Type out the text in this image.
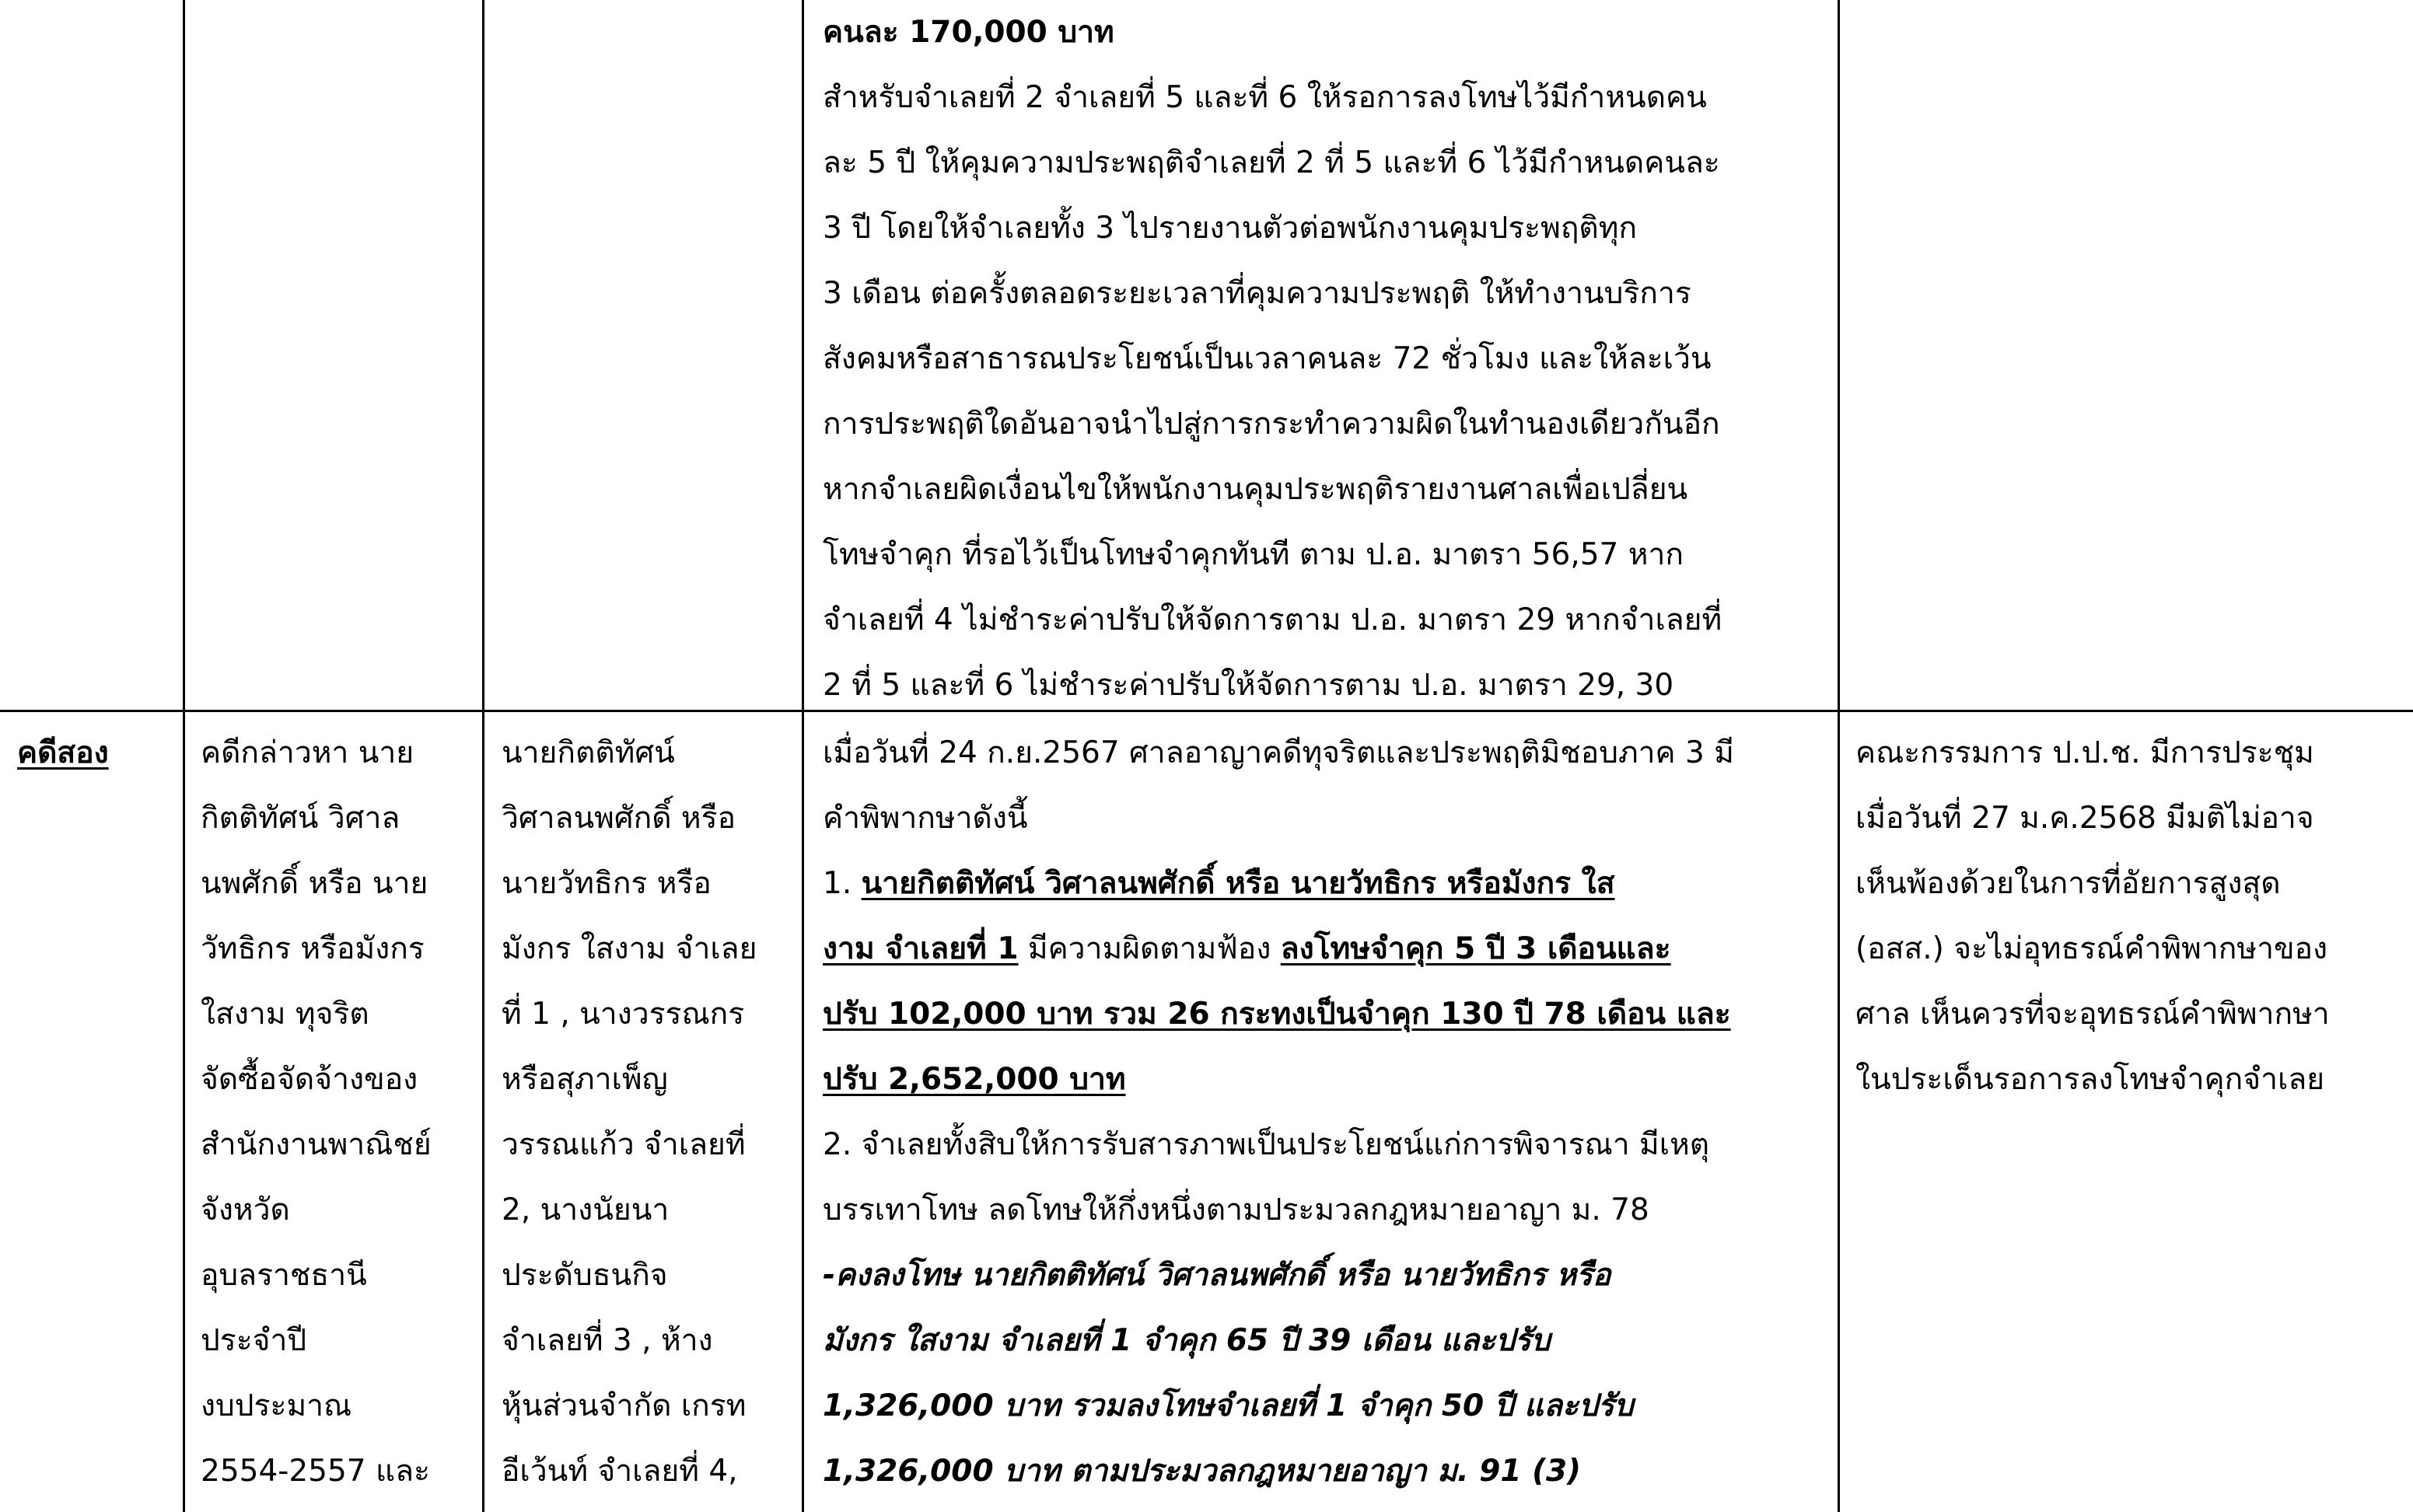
คนละ 170,000 บาท
สำหรับจำเลยที่ 2 จำเลยที่ 5 และที่ 6 ให้รอการลงโทษไว้มีกำหนดคน
ละ 5 ปี ให้คุมความประพฤติจำเลยที่ 2 ที่ 5 และที่ 6 ไว้มีกำหนดคนละ
3 ปี โดยให้จำเลยทั้ง 3 ไปรายงานตัวต่อพนักงานคุมประพฤติทุก
3 เดือน ต่อครั้งตลอดระยะเวลาที่คุมความประพฤติ ให้ทำงานบริการ
สังคมหรือสาธารณประโยชน์เป็นเวลาคนละ 72 ชั่วโมง และให้ละเว้น
การประพฤติใดอันอาจนำไปสู่การกระทำความผิดในทำนองเดียวกันอีก
หากจำเลยผิดเงื่อนไขให้พนักงานคุมประพฤติรายงานศาลเพื่อเปลี่ยน
โทษจำคุก ที่รอไว้เป็นโทษจำคุกทันที ตาม ป.อ. มาตรา 56,57 หาก
จำเลยที่ 4 ไม่ชำระค่าปรับให้จัดการตาม ป.อ. มาตรา 29 หากจำเลยที่
2 ที่ 5 และที่ 6 ไม่ชำระค่าปรับให้จัดการตาม ป.อ. มาตรา 29, 30
คดีสอง	คดีกล่าวหา นาย
กิตติทัศน์ วิศาล
นพศักดิ์ หรือ นาย
วัทธิกร หรือมังกร
ใสงาม ทุจริต
จัดซื้อจัดจ้างของ
สำนักงานพาณิชย์
จังหวัด
อุบลราชธานี
ประจำปี
งบประมาณ
2554-2557 และ
นายกิตติทัศน์
วิศาลนพศักดิ์ หรือ
นายวัทธิกร หรือ
มังกร ใสงาม จำเลย
ที่ 1 , นางวรรณกร
หรือสุภาเพ็ญ
วรรณแก้ว จำเลยที่
2, นางนัยนา
ประดับธนกิจ
จำเลยที่ 3 , ห้าง
หุ้นส่วนจำกัด เกรท
อีเว้นท์ จำเลยที่ 4,
เมื่อวันที่ 24 ก.ย.2567 ศาลอาญาคดีทุจริตและประพฤติมิชอบภาค 3 มี
คำพิพากษาดังนี้
1. นายกิตติทัศน์ วิศาลนพศักดิ์ หรือ นายวัทธิกร หรือมังกร ใส
งาม จำเลยที่ 1 มีความผิดตามฟ้อง ลงโทษจำคุก 5 ปี 3 เดือนและ
ปรับ 102,000 บาท รวม 26 กระทงเป็นจำคุก 130 ปี 78 เดือน และ
ปรับ 2,652,000 บาท
2. จำเลยทั้งสิบให้การรับสารภาพเป็นประโยชน์แก่การพิจารณา มีเหตุ
บรรเทาโทษ ลดโทษให้กึ่งหนึ่งตามประมวลกฎหมายอาญา ม. 78
-คงลงโทษ นายกิตติทัศน์ วิศาลนพศักดิ์ หรือ นายวัทธิกร หรือ
มังกร ใสงาม จำเลยที่ 1 จำคุก 65 ปี 39 เดือน และปรับ
1,326,000 บาท รวมลงโทษจำเลยที่ 1 จำคุก 50 ปี และปรับ
1,326,000 บาท ตามประมวลกฎหมายอาญา ม. 91 (3)
คณะกรรมการ ป.ป.ช. มีการประชุม
เมื่อวันที่ 27 ม.ค.2568 มีมติไม่อาจ
เห็นพ้องด้วยในการที่อัยการสูงสุด
(อสส.) จะไม่อุทธรณ์คำพิพากษาของ
ศาล เห็นควรที่จะอุทธรณ์คำพิพากษา
ในประเด็นรอการลงโทษจำคุกจำเลย
